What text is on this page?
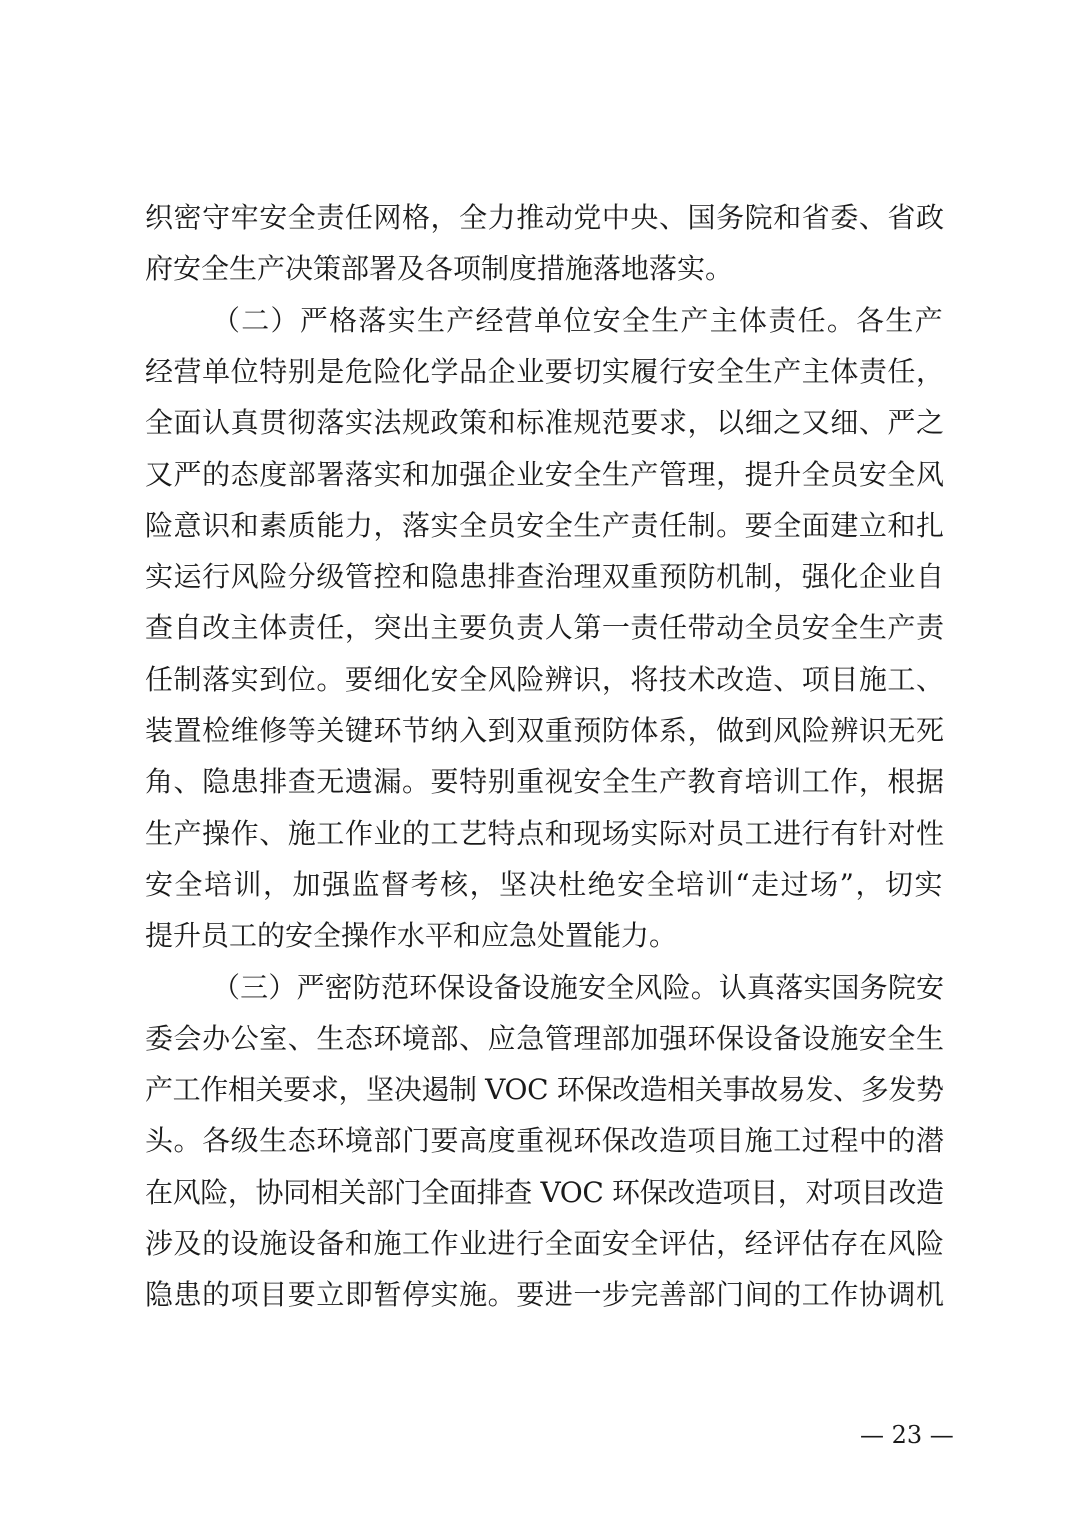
织密守牢安全责任网格，全力推动党中央、国务院和省委、省政
府安全生产决策部署及各项制度措施落地落实。
（二）严格落实生产经营单位安全生产主体责任。各生产
经营单位特别是危险化学品企业要切实履行安全生产主体责任，
全面认真贯彻落实法规政策和标准规范要求，以细之又细、严之
又严的态度部署落实和加强企业安全生产管理，提升全员安全风
险意识和素质能力，落实全员安全生产责任制。要全面建立和扎
实运行风险分级管控和隐患排查治理双重预防机制，强化企业自
查自改主体责任，突出主要负责人第一责任带动全员安全生产责
任制落实到位。要细化安全风险辨识，将技术改造、项目施工、
装置检维修等关键环节纳入到双重预防体系，做到风险辨识无死
角、隐患排查无遗漏。要特别重视安全生产教育培训工作，根据
生产操作、施工作业的工艺特点和现场实际对员工进行有针对性
安全培训，加强监督考核，坚决杜绝安全培训“走过场”，切实
提升员工的安全操作水平和应急处置能力。
（三）严密防范环保设备设施安全风险。认真落实国务院安
委会办公室、生态环境部、应急管理部加强环保设备设施安全生
产工作相关要求，坚决遏制 VOC 环保改造相关事故易发、多发势
头。各级生态环境部门要高度重视环保改造项目施工过程中的潜
在风险，协同相关部门全面排查 VOC 环保改造项目，对项目改造
涉及的设施设备和施工作业进行全面安全评估，经评估存在风险
隐患的项目要立即暂停实施。要进一步完善部门间的工作协调机
— 23 —
